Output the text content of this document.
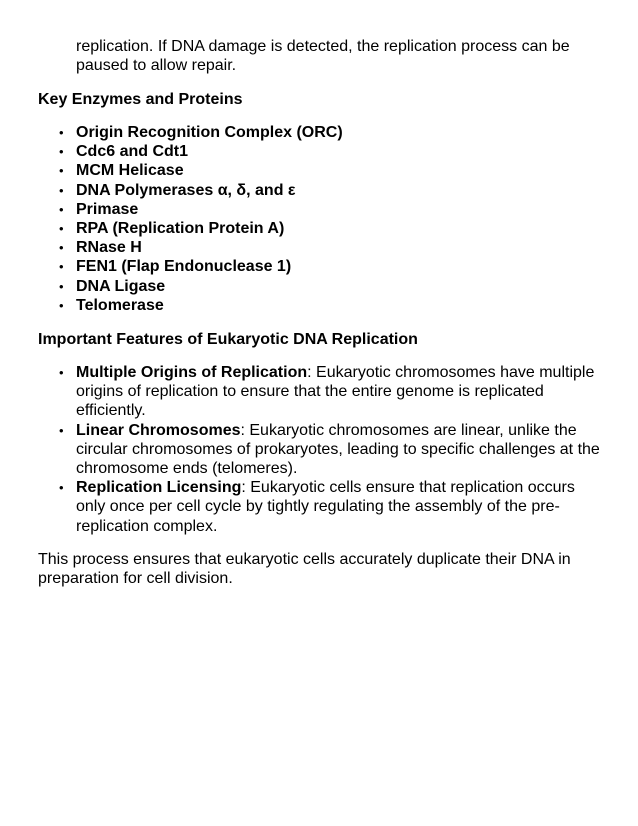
replication. If DNA damage is detected, the replication process can be paused to allow repair.

Key Enzymes and Proteins
• Origin Recognition Complex (ORC)
• Cdc6 and Cdt1
• MCM Helicase
• DNA Polymerases α, δ, and ε
• Primase
• RPA (Replication Protein A)
• RNase H
• FEN1 (Flap Endonuclease 1)
• DNA Ligase
• Telomerase
Important Features of Eukaryotic DNA Replication
• Multiple Origins of Replication: Eukaryotic chromosomes have multiple origins of replication to ensure that the entire genome is replicated efficiently.
• Linear Chromosomes: Eukaryotic chromosomes are linear, unlike the circular chromosomes of prokaryotes, leading to specific challenges at the chromosome ends (telomeres).
• Replication Licensing: Eukaryotic cells ensure that replication occurs only once per cell cycle by tightly regulating the assembly of the pre-replication complex.

This process ensures that eukaryotic cells accurately duplicate their DNA in preparation for cell division.
